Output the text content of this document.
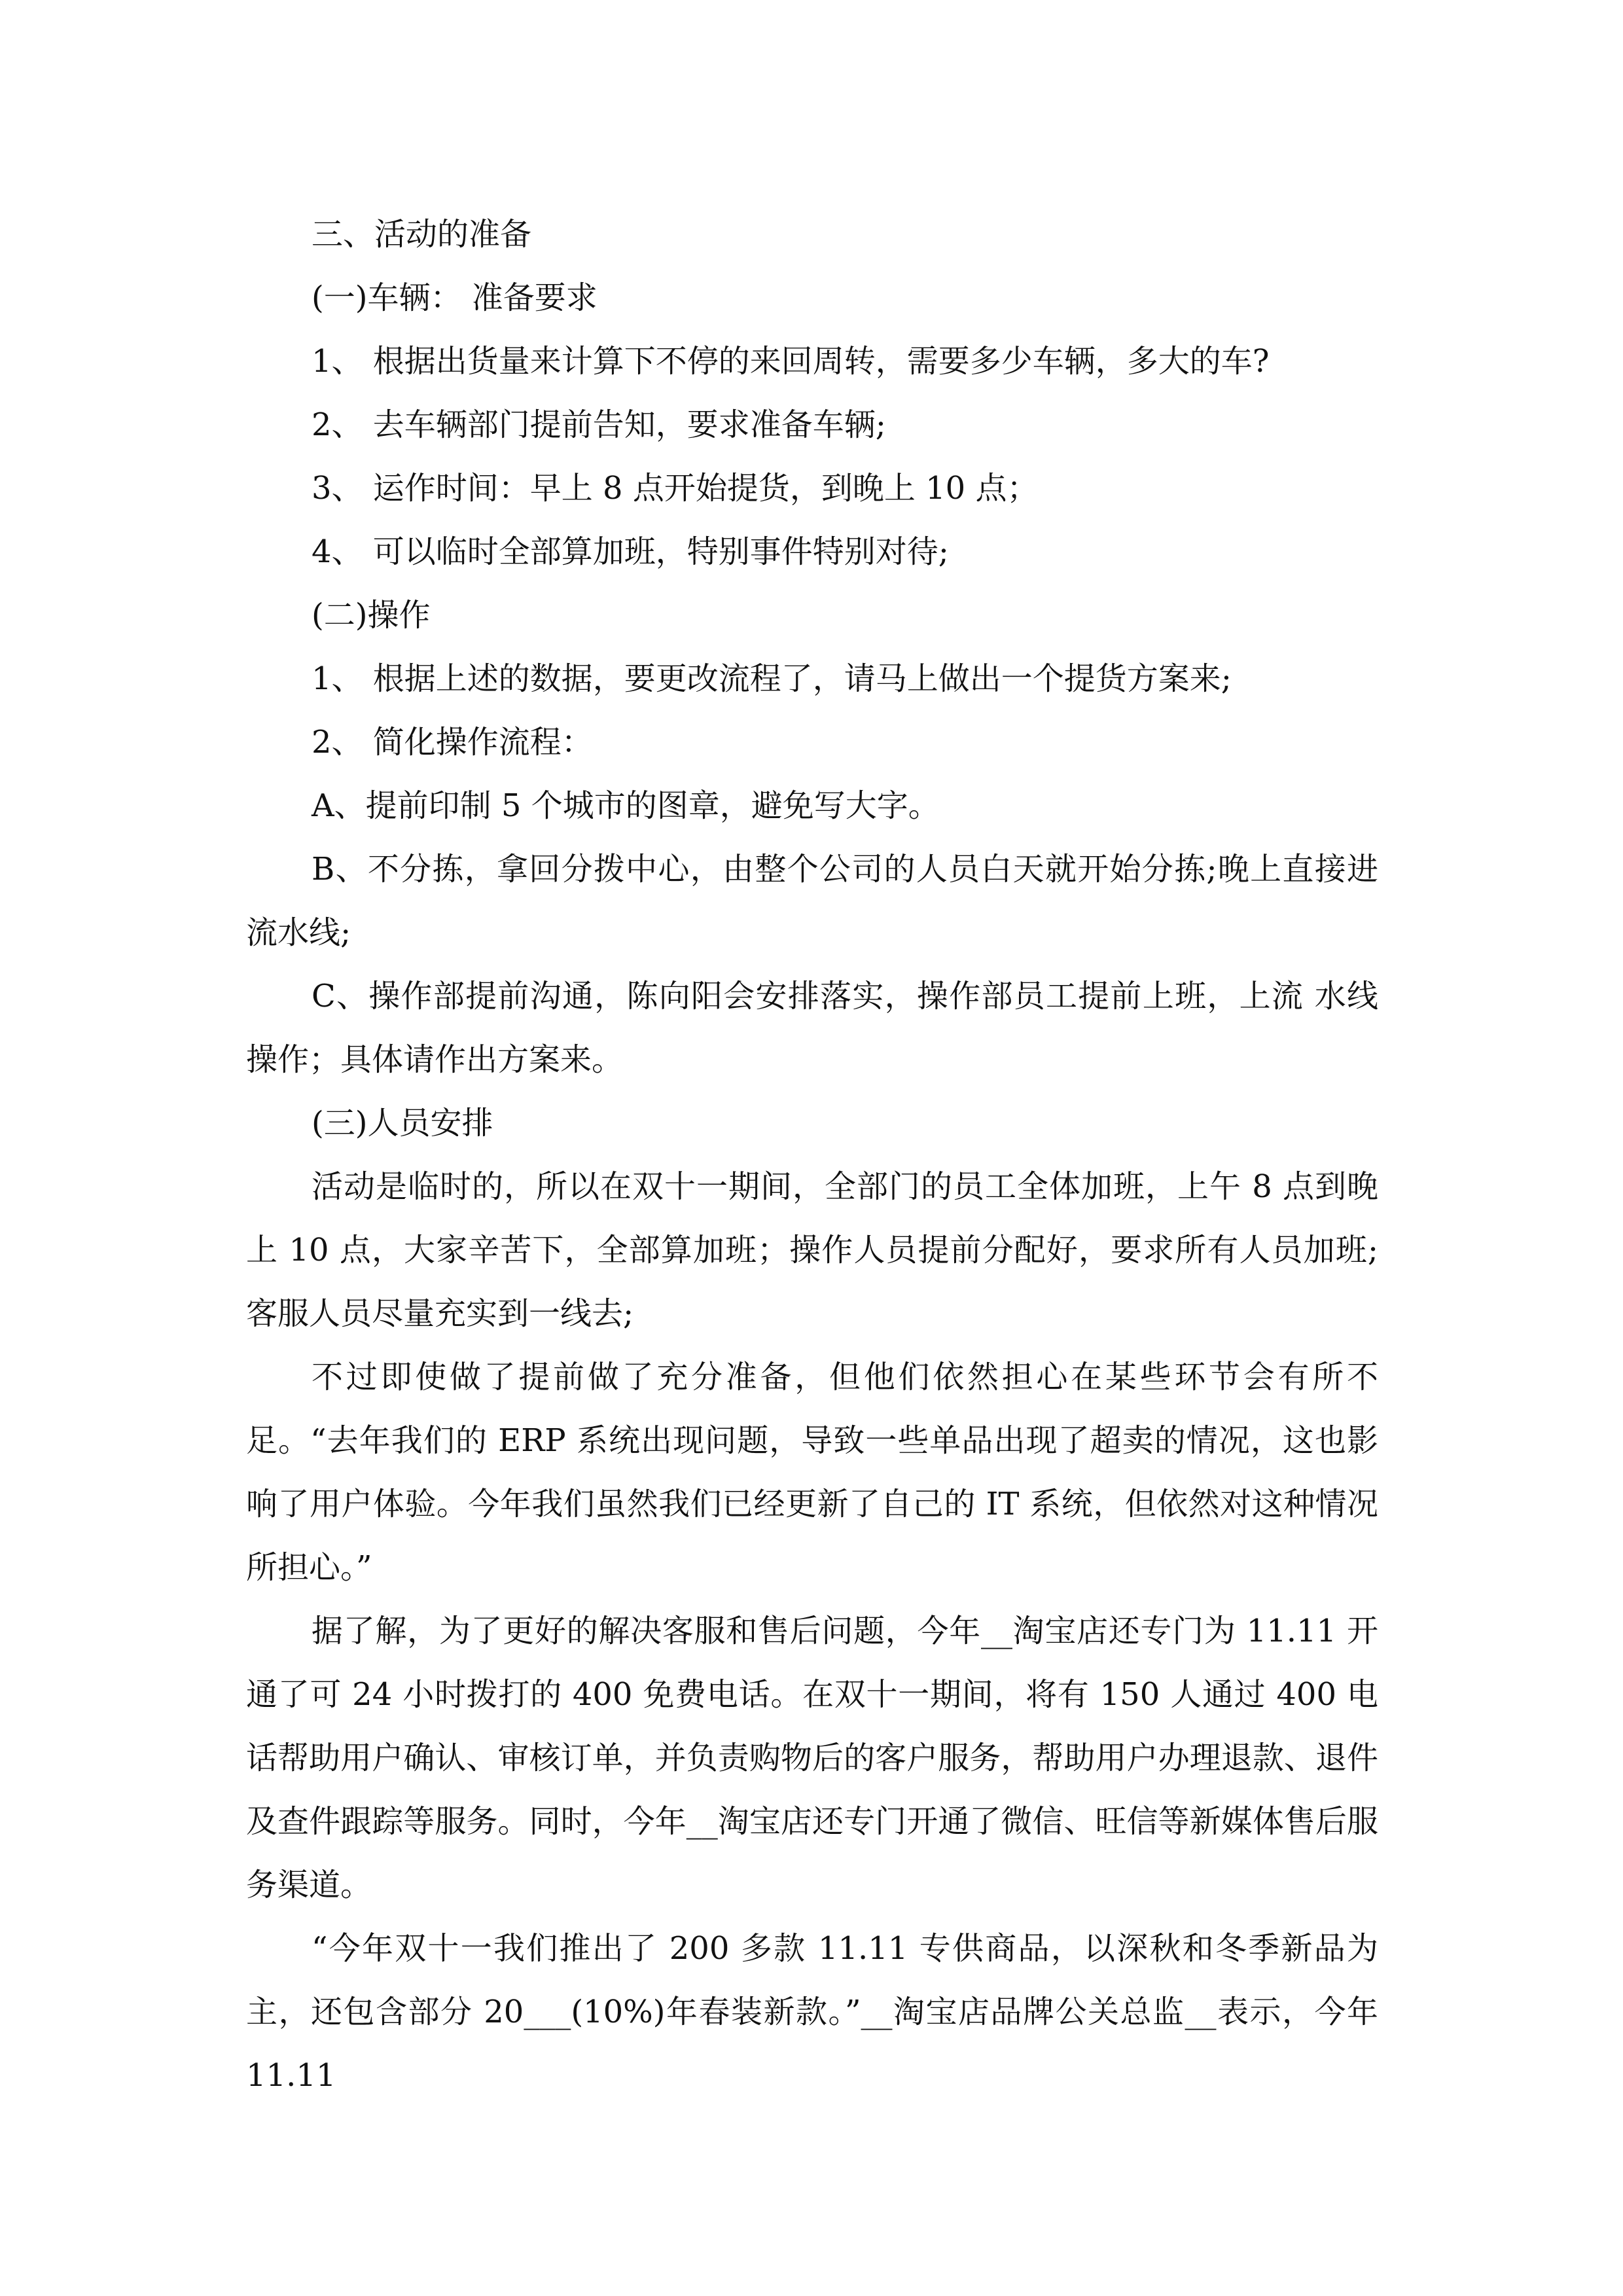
三、活动的准备

(一)车辆： 准备要求

1、 根据出货量来计算下不停的来回周转，需要多少车辆，多大的车?

2、 去车辆部门提前告知，要求准备车辆;

3、 运作时间：早上 8 点开始提货，到晚上 10 点；

4、 可以临时全部算加班，特别事件特别对待;

(二)操作

1、 根据上述的数据，要更改流程了，请马上做出一个提货方案来;

2、 简化操作流程：

A、提前印制 5 个城市的图章，避免写大字。

B、不分拣，拿回分拨中心，由整个公司的人员白天就开始分拣;晚上直接进流水线;

C、操作部提前沟通，陈向阳会安排落实，操作部员工提前上班，上流 水线操作；具体请作出方案来。

(三)人员安排

活动是临时的，所以在双十一期间，全部门的员工全体加班，上午 8 点到晚上 10 点，大家辛苦下，全部算加班；操作人员提前分配好，要求所有人员加班;客服人员尽量充实到一线去;

不过即使做了提前做了充分准备，但他们依然担心在某些环节会有所不足。“去年我们的 ERP 系统出现问题，导致一些单品出现了超卖的情况，这也影响了用户体验。今年我们虽然我们已经更新了自己的 IT 系统，但依然对这种情况所担心。”

据了解，为了更好的解决客服和售后问题，今年__淘宝店还专门为 11.11 开通了可 24 小时拨打的 400 免费电话。在双十一期间，将有 150 人通过 400 电话帮助用户确认、审核订单，并负责购物后的客户服务，帮助用户办理退款、退件及查件跟踪等服务。同时，今年__淘宝店还专门开通了微信、旺信等新媒体售后服务渠道。

“今年双十一我们推出了 200 多款 11.11 专供商品，以深秋和冬季新品为主，还包含部分 20___(10%)年春装新款。”__淘宝店品牌公关总监__表示，今年 11.11
